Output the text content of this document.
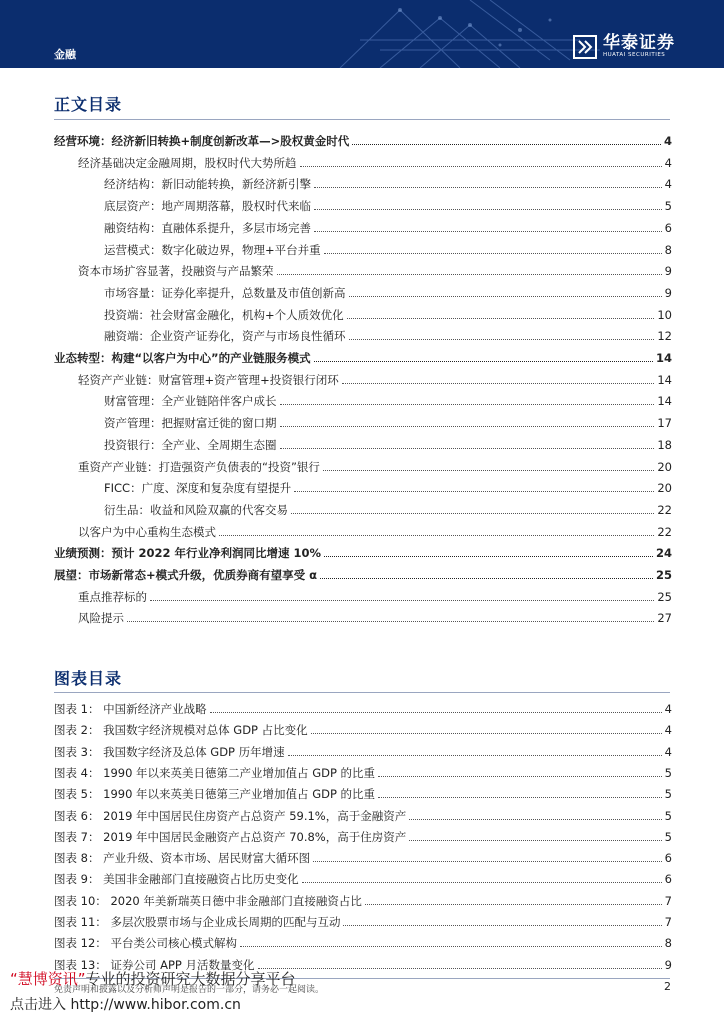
金融
华泰证券
HUATAI SECURITIES
正文目录
经营环境：经济新旧转换+制度创新改革—>股权黄金时代	4
经济基础决定金融周期，股权时代大势所趋	4
经济结构：新旧动能转换，新经济新引擎	4
底层资产：地产周期落幕，股权时代来临	5
融资结构：直融体系提升，多层市场完善	6
运营模式：数字化破边界，物理+平台并重	8
资本市场扩容显著，投融资与产品繁荣	9
市场容量：证券化率提升，总数量及市值创新高	9
投资端：社会财富金融化，机构+个人质效优化	10
融资端：企业资产证券化，资产与市场良性循环	12
业态转型：构建“以客户为中心”的产业链服务模式	14
轻资产产业链：财富管理+资产管理+投资银行闭环	14
财富管理：全产业链陪伴客户成长	14
资产管理：把握财富迁徙的窗口期	17
投资银行：全产业、全周期生态圈	18
重资产产业链：打造强资产负债表的“投资”银行	20
FICC：广度、深度和复杂度有望提升	20
衍生品：收益和风险双赢的代客交易	22
以客户为中心重构生态模式	22
业绩预测：预计 2022 年行业净利润同比增速 10%	24
展望：市场新常态+模式升级，优质券商有望享受 α	25
重点推荐标的	25
风险提示	27
图表目录
图表 1： 中国新经济产业战略	4
图表 2： 我国数字经济规模对总体 GDP 占比变化	4
图表 3： 我国数字经济及总体 GDP 历年增速	4
图表 4： 1990 年以来英美日德第二产业增加值占 GDP 的比重	5
图表 5： 1990 年以来英美日德第三产业增加值占 GDP 的比重	5
图表 6： 2019 年中国居民住房资产占总资产 59.1%，高于金融资产	5
图表 7： 2019 年中国居民金融资产占总资产 70.8%，高于住房资产	5
图表 8： 产业升级、资本市场、居民财富大循环图	6
图表 9： 美国非金融部门直接融资占比历史变化	6
图表 10： 2020 年美新瑞英日德中非金融部门直接融资占比	7
图表 11： 多层次股票市场与企业成长周期的匹配与互动	7
图表 12： 平台类公司核心模式解构	8
图表 13： 证券公司 APP 月活数量变化	9
免责声明和披露以及分析师声明是报告的一部分，请务必一起阅读。	2
“慧博资讯”专业的投资研究大数据分享平台
点击进入 http://www.hibor.com.cn
